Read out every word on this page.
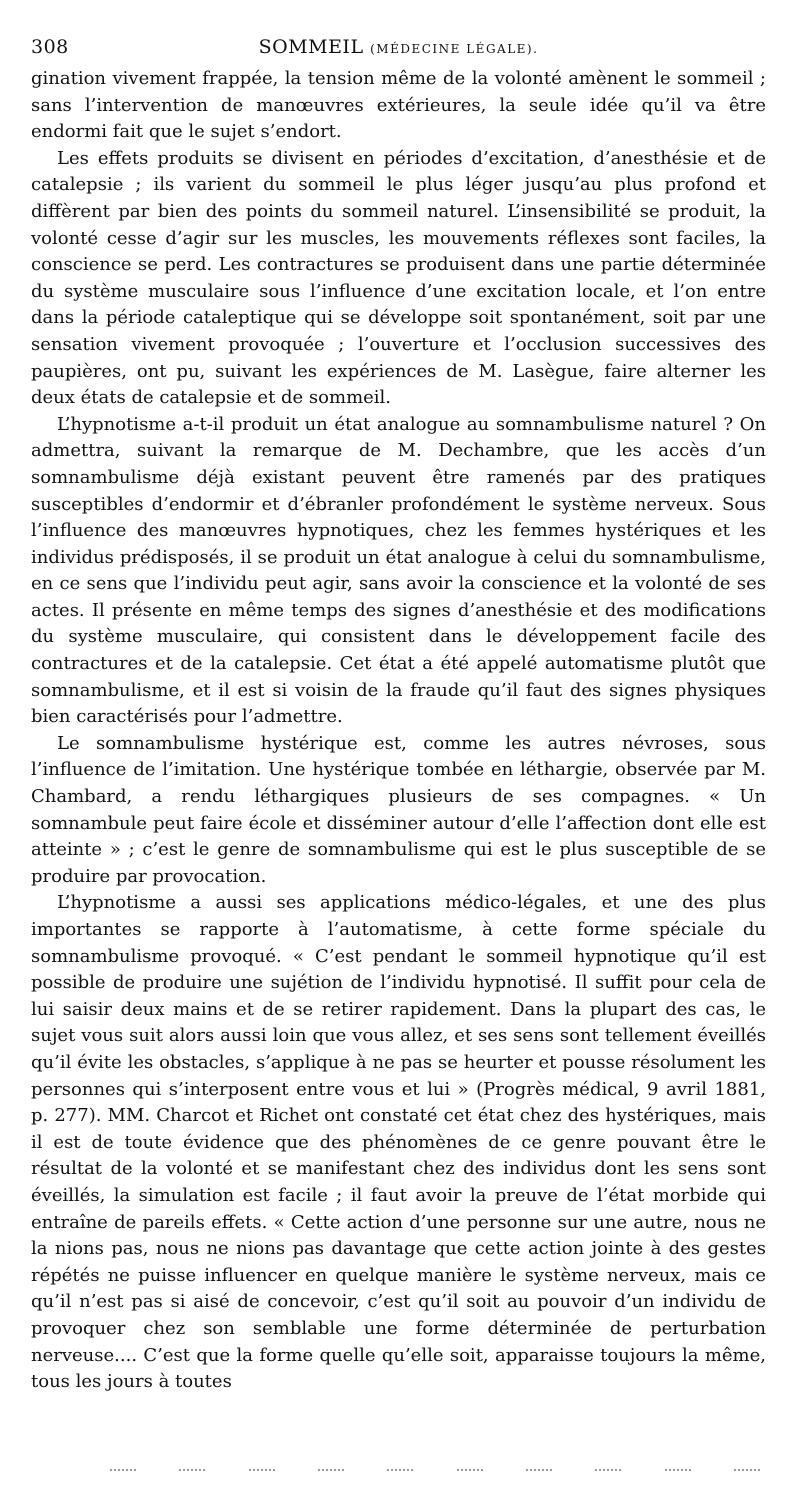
308	SOMMEIL (MÉDECINE LÉGALE).

gination vivement frappée, la tension même de la volonté amènent le sommeil ; sans l’intervention de manœuvres extérieures, la seule idée qu’il va être endormi fait que le sujet s’endort.

Les effets produits se divisent en périodes d’excitation, d’anesthésie et de catalepsie ; ils varient du sommeil le plus léger jusqu’au plus profond et diffèrent par bien des points du sommeil naturel. L’insensibilité se produit, la volonté cesse d’agir sur les muscles, les mouvements réflexes sont faciles, la conscience se perd. Les contractures se produisent dans une partie déterminée du système musculaire sous l’influence d’une excitation locale, et l’on entre dans la période cataleptique qui se développe soit spontanément, soit par une sensation vivement provoquée ; l’ouverture et l’occlusion successives des paupières, ont pu, suivant les expériences de M. Lasègue, faire alterner les deux états de catalepsie et de sommeil.

L’hypnotisme a-t-il produit un état analogue au somnambulisme naturel ? On admettra, suivant la remarque de M. Dechambre, que les accès d’un somnambulisme déjà existant peuvent être ramenés par des pratiques susceptibles d’endormir et d’ébranler profondément le système nerveux. Sous l’influence des manœuvres hypnotiques, chez les femmes hystériques et les individus prédisposés, il se produit un état analogue à celui du somnambulisme, en ce sens que l’individu peut agir, sans avoir la conscience et la volonté de ses actes. Il présente en même temps des signes d’anesthésie et des modifications du système musculaire, qui consistent dans le développement facile des contractures et de la catalepsie. Cet état a été appelé automatisme plutôt que somnambulisme, et il est si voisin de la fraude qu’il faut des signes physiques bien caractérisés pour l’admettre.

Le somnambulisme hystérique est, comme les autres névroses, sous l’influence de l’imitation. Une hystérique tombée en léthargie, observée par M. Chambard, a rendu léthargiques plusieurs de ses compagnes. « Un somnambule peut faire école et disséminer autour d’elle l’affection dont elle est atteinte » ; c’est le genre de somnambulisme qui est le plus susceptible de se produire par provocation.

L’hypnotisme a aussi ses applications médico-légales, et une des plus importantes se rapporte à l’automatisme, à cette forme spéciale du somnambulisme provoqué. « C’est pendant le sommeil hypnotique qu’il est possible de produire une sujétion de l’individu hypnotisé. Il suffit pour cela de lui saisir deux mains et de se retirer rapidement. Dans la plupart des cas, le sujet vous suit alors aussi loin que vous allez, et ses sens sont tellement éveillés qu’il évite les obstacles, s’applique à ne pas se heurter et pousse résolument les personnes qui s’interposent entre vous et lui » (Progrès médical, 9 avril 1881, p. 277). MM. Charcot et Richet ont constaté cet état chez des hystériques, mais il est de toute évidence que des phénomènes de ce genre pouvant être le résultat de la volonté et se manifestant chez des individus dont les sens sont éveillés, la simulation est facile ; il faut avoir la preuve de l’état morbide qui entraîne de pareils effets. « Cette action d’une personne sur une autre, nous ne la nions pas, nous ne nions pas davantage que cette action jointe à des gestes répétés ne puisse influencer en quelque manière le système nerveux, mais ce qu’il n’est pas si aisé de concevoir, c’est qu’il soit au pouvoir d’un individu de provoquer chez son semblable une forme déterminée de perturbation nerveuse.... C’est que la forme quelle qu’elle soit, apparaisse toujours la même, tous les jours à toutes
